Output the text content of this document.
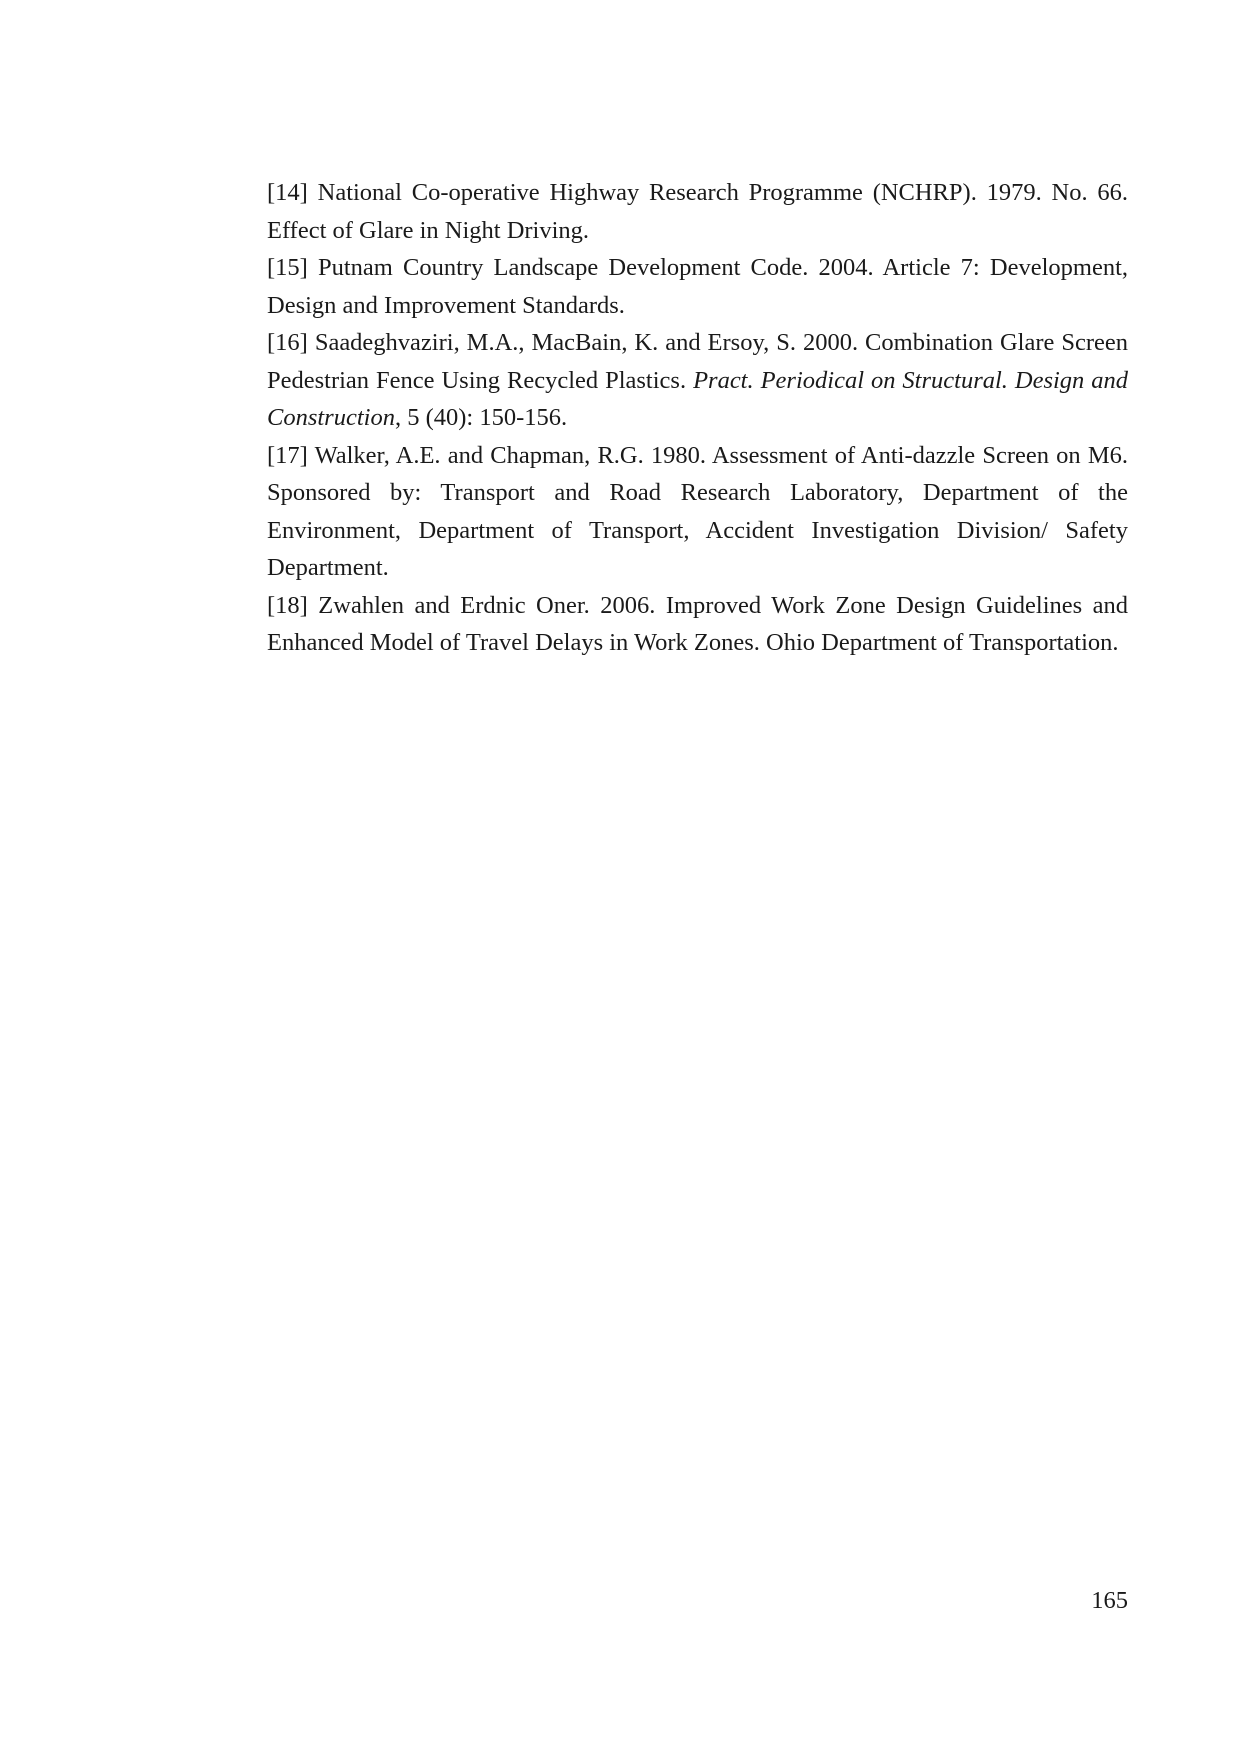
[14] National Co-operative Highway Research Programme (NCHRP). 1979. No. 66. Effect of Glare in Night Driving.

[15] Putnam Country Landscape Development Code. 2004. Article 7: Development, Design and Improvement Standards.

[16] Saadeghvaziri, M.A., MacBain, K. and Ersoy, S. 2000. Combination Glare Screen Pedestrian Fence Using Recycled Plastics. Pract. Periodical on Structural. Design and Construction, 5 (40): 150-156.

[17] Walker, A.E. and Chapman, R.G. 1980. Assessment of Anti-dazzle Screen on M6. Sponsored by: Transport and Road Research Laboratory, Department of the Environment, Department of Transport, Accident Investigation Division/ Safety Department.

[18] Zwahlen and Erdnic Oner. 2006. Improved Work Zone Design Guidelines and Enhanced Model of Travel Delays in Work Zones. Ohio Department of Transportation.

165
